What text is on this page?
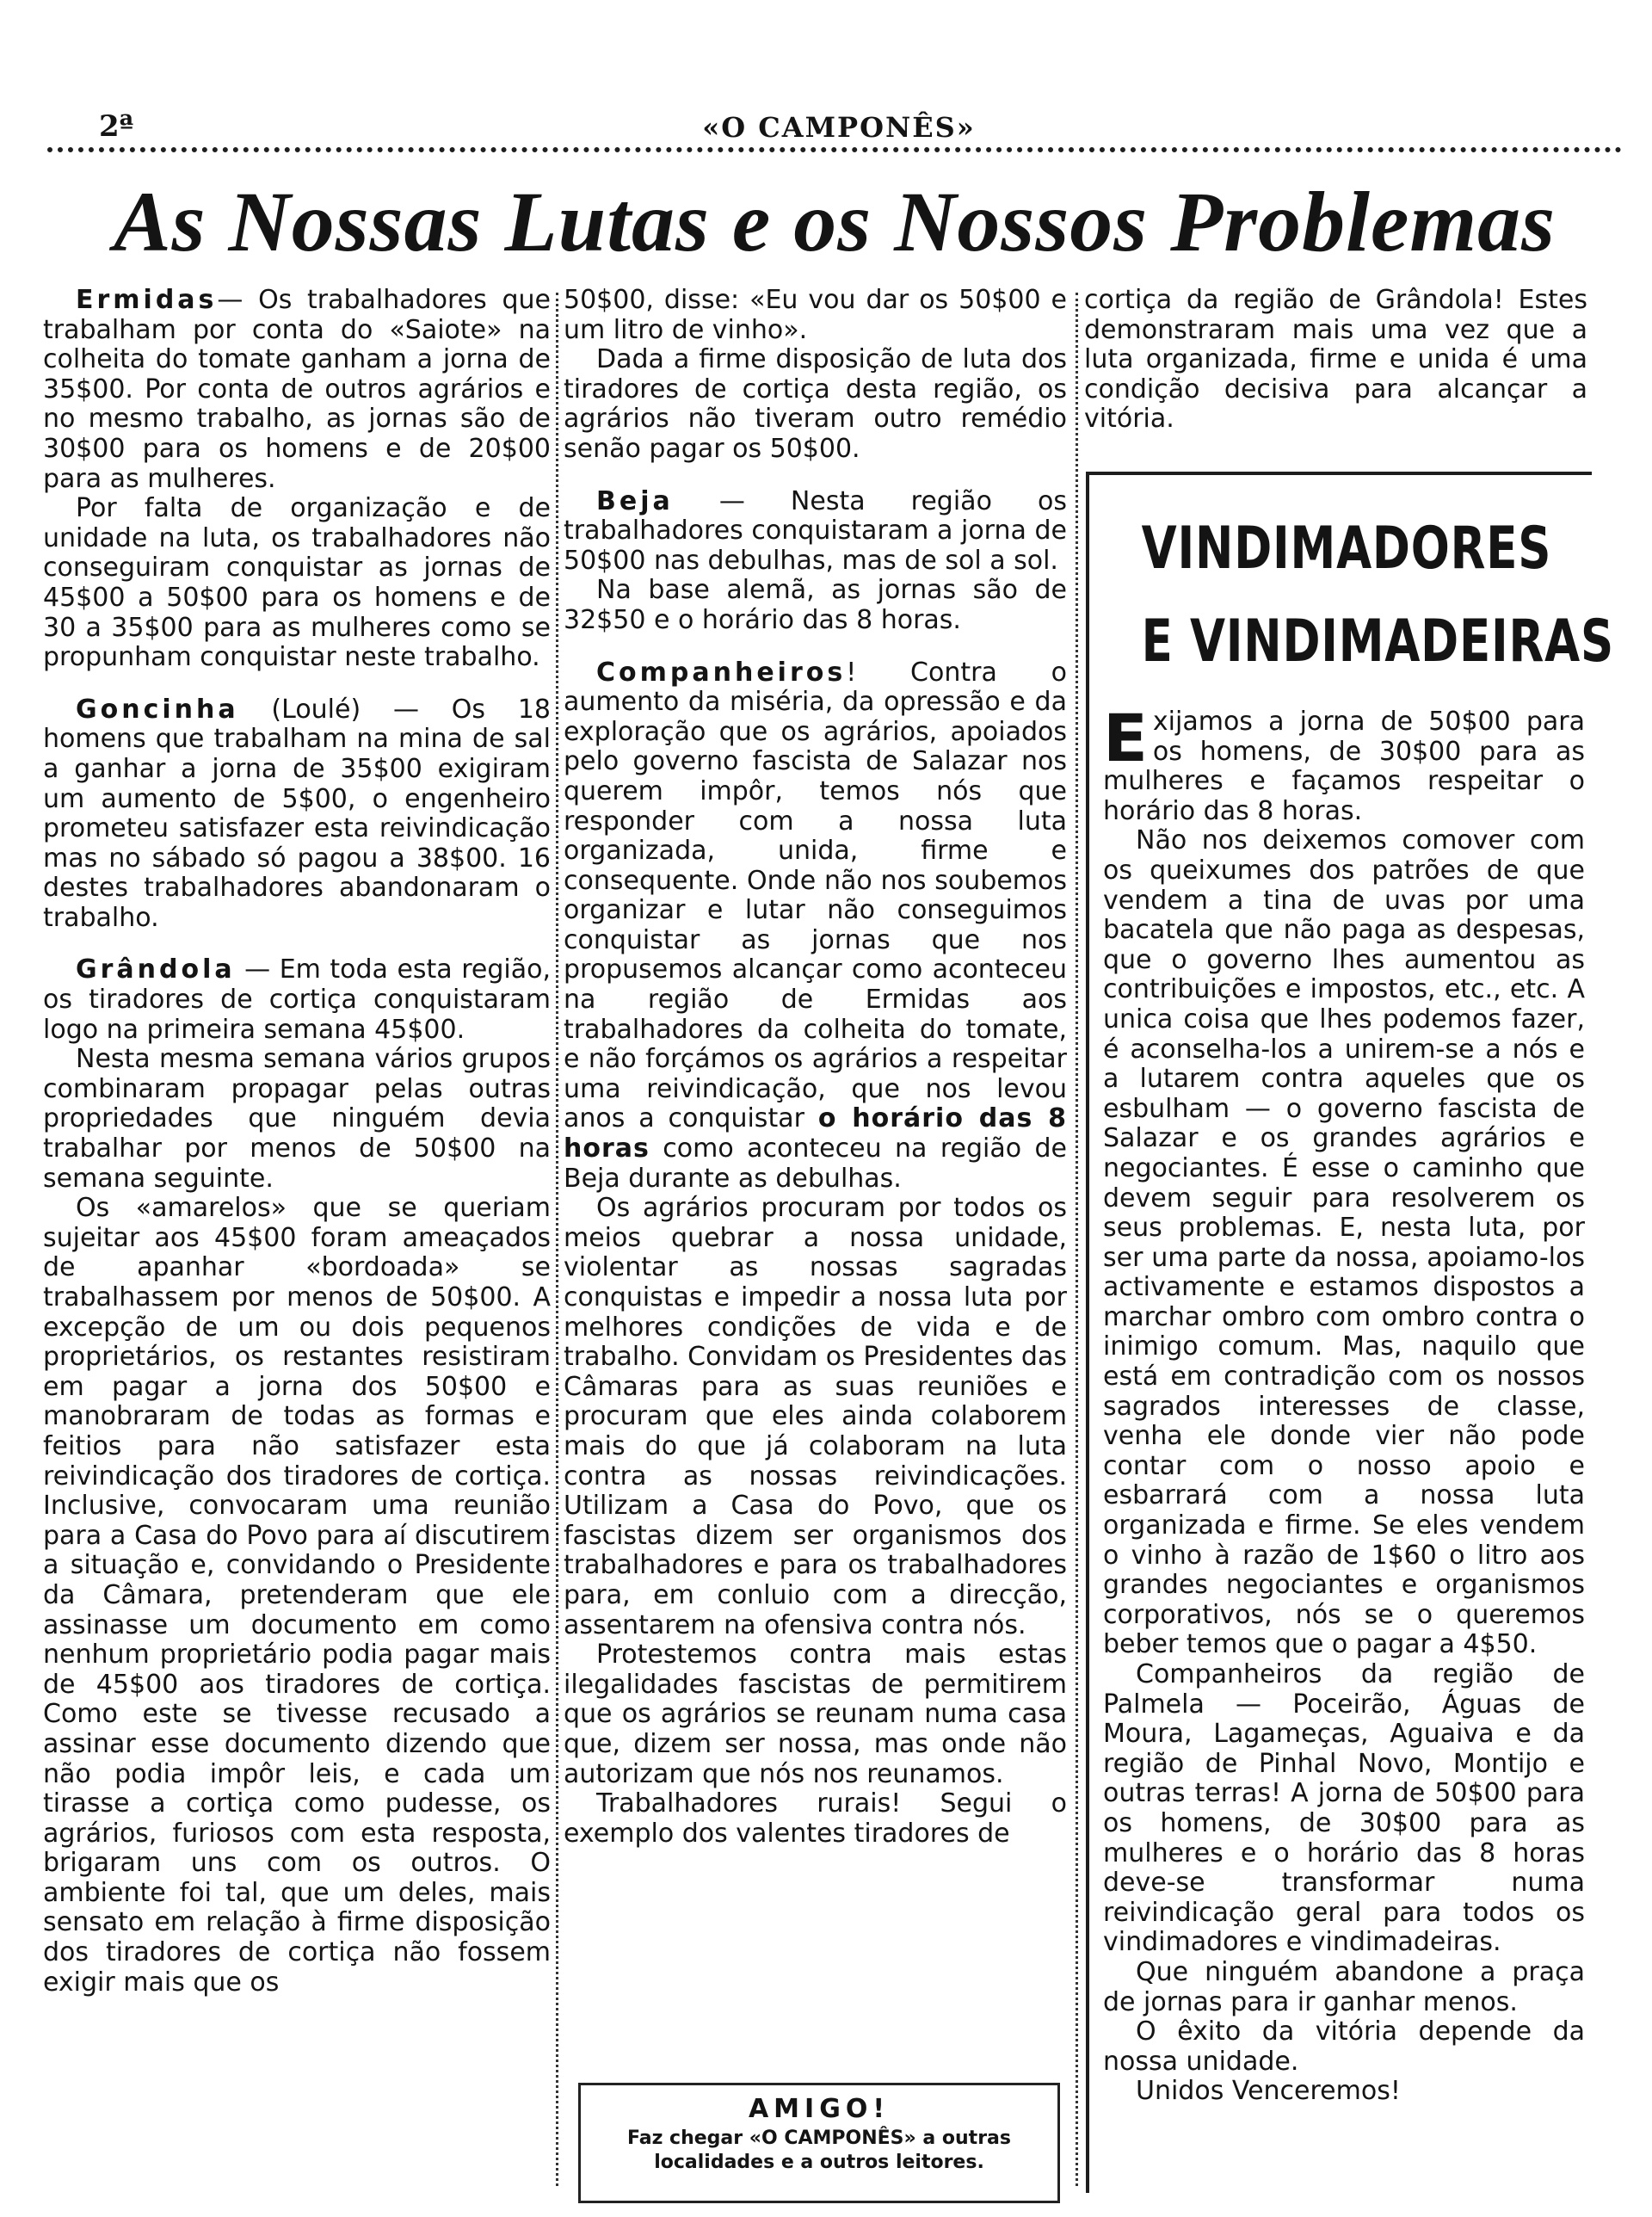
2ª	«O CAMPONÊS»
As Nossas Lutas e os Nossos Problemas

Ermidas— Os trabalhadores que trabalham por conta do «Saiote» na colheita do tomate ganham a jorna de 35$00. Por conta de outros agrários e no mesmo trabalho, as jornas são de 30$00 para os homens e de 20$00 para as mulheres.

Por falta de organização e de unidade na luta, os trabalhadores não conseguiram conquistar as jornas de 45$00 a 50$00 para os homens e de 30 a 35$00 para as mulheres como se propunham conquistar neste trabalho.

Goncinha (Loulé) — Os 18 homens que trabalham na mina de sal a ganhar a jorna de 35$00 exigiram um aumento de 5$00, o engenheiro prometeu satisfazer esta reivindicação mas no sábado só pagou a 38$00. 16 destes trabalhadores abandonaram o trabalho.

Grândola — Em toda esta região, os tiradores de cortiça conquistaram logo na primeira semana 45$00.

Nesta mesma semana vários grupos combinaram propagar pelas outras propriedades que ninguém devia trabalhar por menos de 50$00 na semana seguinte.

Os «amarelos» que se queriam sujeitar aos 45$00 foram ameaçados de apanhar «bordoada» se trabalhassem por menos de 50$00. A excepção de um ou dois pequenos proprietários, os restantes resistiram em pagar a jorna dos 50$00 e manobraram de todas as formas e feitios para não satisfazer esta reivindicação dos tiradores de cortiça. Inclusive, convocaram uma reunião para a Casa do Povo para aí discutirem a situação e, convidando o Presidente da Câmara, pretenderam que ele assinasse um documento em como nenhum proprietário podia pagar mais de 45$00 aos tiradores de cortiça. Como este se tivesse recusado a assinar esse documento dizendo que não podia impôr leis, e cada um tirasse a cortiça como pudesse, os agrários, furiosos com esta resposta, brigaram uns com os outros. O ambiente foi tal, que um deles, mais sensato em relação à firme disposição dos tiradores de cortiça não fossem exigir mais que os

50$00, disse: «Eu vou dar os 50$00 e um litro de vinho».

Dada a firme disposição de luta dos tiradores de cortiça desta região, os agrários não tiveram outro remédio senão pagar os 50$00.

Beja — Nesta região os trabalhadores conquistaram a jorna de 50$00 nas debulhas, mas de sol a sol.

Na base alemã, as jornas são de 32$50 e o horário das 8 horas.

Companheiros! Contra o aumento da miséria, da opressão e da exploração que os agrários, apoiados pelo governo fascista de Salazar nos querem impôr, temos nós que responder com a nossa luta organizada, unida, firme e consequente. Onde não nos soubemos organizar e lutar não conseguimos conquistar as jornas que nos propusemos alcançar como aconteceu na região de Ermidas aos trabalhadores da colheita do tomate, e não forçámos os agrários a respeitar uma reivindicação, que nos levou anos a conquistar o horário das 8 horas como aconteceu na região de Beja durante as debulhas.

Os agrários procuram por todos os meios quebrar a nossa unidade, violentar as nossas sagradas conquistas e impedir a nossa luta por melhores condições de vida e de trabalho. Convidam os Presidentes das Câmaras para as suas reuniões e procuram que eles ainda colaborem mais do que já colaboram na luta contra as nossas reivindicações. Utilizam a Casa do Povo, que os fascistas dizem ser organismos dos trabalhadores e para os trabalhadores para, em conluio com a direcção, assentarem na ofensiva contra nós.

Protestemos contra mais estas ilegalidades fascistas de permitirem que os agrários se reunam numa casa que, dizem ser nossa, mas onde não autorizam que nós nos reunamos.

Trabalhadores rurais! Segui o exemplo dos valentes tiradores de

AMIGO!
Faz chegar «O CAMPONÊS» a outras localidades e a outros leitores.

cortiça da região de Grândola! Estes demonstraram mais uma vez que a luta organizada, firme e unida é uma condição decisiva para alcançar a vitória.

VINDIMADORES
E VINDIMADEIRAS

Exijamos a jorna de 50$00 para os homens, de 30$00 para as mulheres e façamos respeitar o horário das 8 horas.

Não nos deixemos comover com os queixumes dos patrões de que vendem a tina de uvas por uma bacatela que não paga as despesas, que o governo lhes aumentou as contribuições e impostos, etc., etc. A unica coisa que lhes podemos fazer, é aconselha-los a unirem-se a nós e a lutarem contra aqueles que os esbulham — o governo fascista de Salazar e os grandes agrários e negociantes. É esse o caminho que devem seguir para resolverem os seus problemas. E, nesta luta, por ser uma parte da nossa, apoiamo-los activamente e estamos dispostos a marchar ombro com ombro contra o inimigo comum. Mas, naquilo que está em contradição com os nossos sagrados interesses de classe, venha ele donde vier não pode contar com o nosso apoio e esbarrará com a nossa luta organizada e firme. Se eles vendem o vinho à razão de 1$60 o litro aos grandes negociantes e organismos corporativos, nós se o queremos beber temos que o pagar a 4$50.

Companheiros da região de Palmela — Poceirão, Águas de Moura, Lagameças, Aguaiva e da região de Pinhal Novo, Montijo e outras terras! A jorna de 50$00 para os homens, de 30$00 para as mulheres e o horário das 8 horas deve-se transformar numa reivindicação geral para todos os vindimadores e vindimadeiras.

Que ninguém abandone a praça de jornas para ir ganhar menos.

O êxito da vitória depende da nossa unidade.

Unidos Venceremos!
